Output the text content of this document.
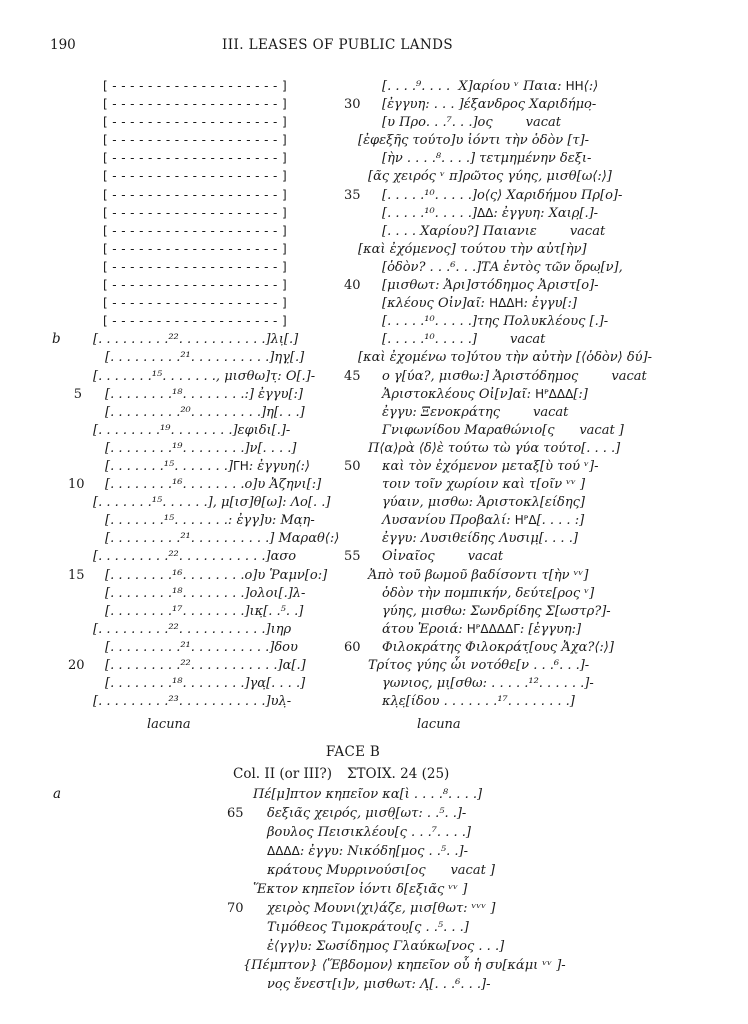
190	III. LEASES OF PUBLIC LANDS
[-------------------]
[-------------------]
[-------------------]
[-------------------]
[-------------------]
[-------------------]
[-------------------]
[-------------------]
[-------------------]
[-------------------]
[-------------------]
[-------------------]
[-------------------]
[-------------------]
b [. . . . . . . . .²². . . . . . . . . . .]λι̣[.]
[. . . . . . . . .²¹. . . . . . . . . .]η̣γ̣[.]
[. . . . . . .¹⁵. . . . . . ., μισθω]τ̣: Ο[.]-
5 [. . . . . . . .¹⁸. . . . . . . .:] ἐγγυ[:]
[. . . . . . . . .²⁰. . . . . . . . .]η[. . .]
[. . . . . . . .¹⁹. . . . . . . .]εφιδι[.]-
[. . . . . . . .¹⁹. . . . . . . .]ν[. . . .]
[. . . . . . .¹⁵. . . . . . .]ΓΗ: ἐγγυη⟨:⟩
10 [. . . . . . . .¹⁶. . . . . . . .ο]υ Ἀζηνι[:]
[. . . . . . .¹⁵. . . . . .], μ[ισ]θ[ω]: Λο[. .]
[. . . . . . .¹⁵. . . . . . .: ἐγγ]υ: Μα̣η-
[. . . . . . . . .²¹. . . . . . . . . .] Μαραθ⟨:⟩
[. . . . . . . . .²². . . . . . . . . . .]ασο
15 [. . . . . . . .¹⁶. . . . . . . .ο]υ Ῥαμν[ο:]
[. . . . . . . .¹⁸. . . . . . . .]ολοι[.]λ-
[. . . . . . . .¹⁷. . . . . . . .]ικ̣[. .⁵. .]
[. . . . . . . . .²². . . . . . . . . . .]ιη̣ρ
[. . . . . . . . .²¹. . . . . . . . . .]δου
20 [. . . . . . . . .²². . . . . . . . . . .]α[.]
[. . . . . . . .¹⁸. . . . . . . .]γα̣[. . . .]
[. . . . . . . . .²³. . . . . . . . . . .]υλ̣-
lacuna
[. . . .⁹. . . .  Χ]αρίου ᵛ Παια: ΗΗ⟨:⟩
30 [ἐγγυη: . . . ]έξανδρος Χαριδήμο̣-
[υ Προ. . .⁷. . .]ος        vacat
[ἐφεξῆς τούτο]υ ἰόντι τὴν ὁδὸν [τ]-
[ὴν . . . .⁸. . . .] τετμημένην δεξι-
[ᾶς χειρός ᵛ π]ρῶτος γύης, μισθ[ω⟨:⟩]
35 [. . . . .¹⁰. . . . .]ο⟨ς⟩ Χαριδήμου Πρ[ο]-
[. . . . .¹⁰. . . . .]ΔΔ: ἐγγυη: Χαιρ̣[.]-
[. . . . Χαρίου?] Παιανιε        vacat
[καὶ ἐχόμενος] τούτου τὴν αὐτ[ὴν]
[ὁδὸν? . . .⁶. . .]ΤΑ ἐντὸς τῶν ὅρω̣[ν],
40 [μισθωτ: Ἀρι]στόδημος Ἀριστ[ο]-
[κλέους Οἰν]αῖ: ΗΔΔΗ: ἐγγυ[:]
[. . . . .¹⁰. . . . .]της Πολυκλέους [.]-
[. . . . .¹⁰. . . . .]        vacat
[καὶ ἐχομένω το]ύτου τὴν αὐτὴ̣ν [⟨ὁδὸν⟩ δύ]-
45 ο γ[ύα?, μισθω:] Ἀριστόδημος        vacat
Ἀριστοκλέους Οἰ[ν]αῖ: ΗᴾΔΔΔ[:]
ἐγγυ: Ξενοκράτης        vacat
Γνιφωνίδου Μαραθώνιο[ς      vacat ]
Π⟨α⟩ρὰ ⟨δ⟩ὲ τούτω τὼ γύα τούτο[. . . .]
50 καὶ τὸν ἐχόμενον μεταξ[ὺ τού ᵛ]-
τοιν τοῖν χωρίοιν καὶ τ[οῖν ᵛᵛ ]
γύαιν, μισθω: Ἀριστοκλ[είδης]
Λυσανίου Προβαλί: ΗᴾΔ[. . . . :]
ἐγγυ: Λυσιθείδης Λυσιμ̣[. . . .]
55 Οἰναῖος        vacat
Ἀπὸ τοῦ βωμοῦ βαδίσοντι τ[ὴν ᵛᵛ]
ὁδὸν τὴν πομπικήν, δεύτε[ρος ᵛ]
γύης, μισθω: Σωνδρίδης Σ[ωστρ?]-
άτου Ἐροιά: ΗᴾΔΔΔΔΓ: [ἐγγυη:]
60 Φιλοκράτης Φιλοκράτ̣[ους Ἀχα?⟨:⟩]
Τρίτος γύης ὧι νοτόθε[ν . . .⁶. . .]-
γωνιος, μι̣[σθω: . . . . .¹². . . . . .]-
κλ̣ε̣[ίδου . . . . . . .¹⁷. . . . . . . .]
lacuna
FACE B
Col. II (or III?) ΣΤΟΙΧ. 24 (25)
a	Πέ[μ]πτον κηπεῖον κα[ὶ . . . .⁸. . . .]
65 δεξιᾶς χειρός, μισθ̣[ωτ: . .⁵. .]-
βουλος Πεισικλέου[ς . . .⁷. . . .]
ΔΔΔΔ: ἐγγυ: Νικόδη[μος . .⁵. .]-
κράτους Μυρρινούσι[ος      vacat ]
Ἕκτον κηπεῖον ἰόντι δ[εξιᾶς ᵛᵛ ]
70 χειρὸς Μουνι⟨χι⟩άζε, μισ[θωτ: ᵛᵛᵛ ]
Τιμόθεος Τιμοκράτου̣[ς . .⁵. . .]
ἐ⟨γγ⟩υ: Σωσίδημος Γλαύκω[νος . . .]
{Πέμπτον} ⟨Ἕβδομον⟩ κηπεῖον οὗ ἡ συ[κάμι ᵛᵛ ]-
νο̣ς ἔνεστ[ι]ν, μισθωτ: Λ̣[. . .⁶. . .]-
